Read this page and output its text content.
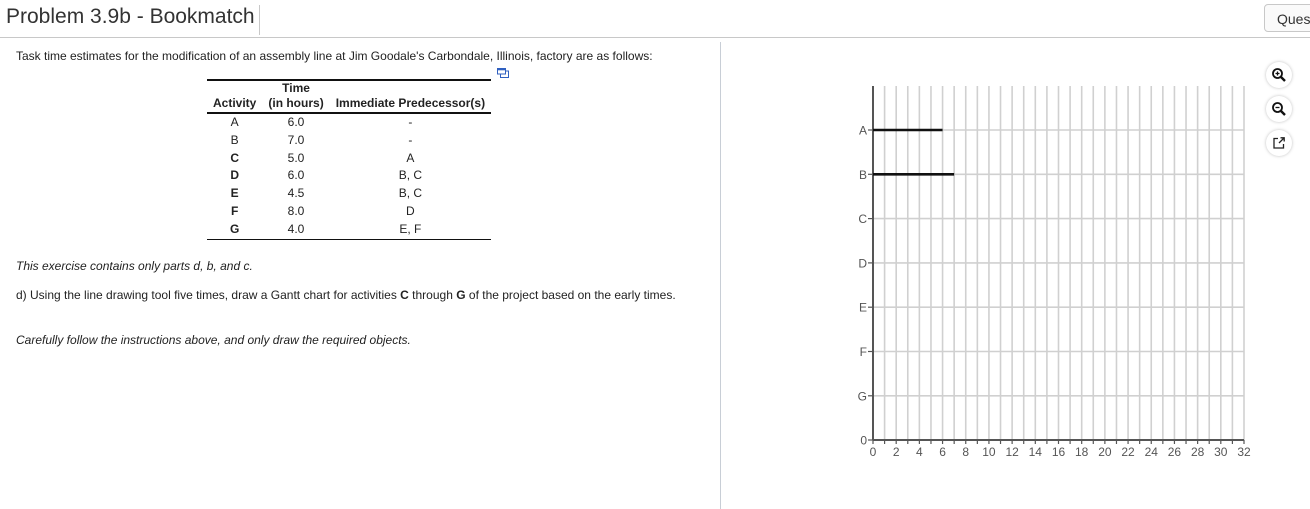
Problem 3.9b - Bookmatch	Ques
Task time estimates for the modification of an assembly line at Jim Goodale's Carbondale, Illinois, factory are as follows:
	Time	
Activity	(in hours)	Immediate Predecessor(s)
A	6.0	-
B	7.0	-
C	5.0	A
D	6.0	B, C
E	4.5	B, C
F	8.0	D
G	4.0	E, F
This exercise contains only parts d, b, and c.
d) Using the line drawing tool five times, draw a Gantt chart for activities C through G of the project based on the early times.
Carefully follow the instructions above, and only draw the required objects.
A
B
C
D
E
F
G
0
0 2 4 6 8 10 12 14 16 18 20 22 24 26 28 30 32
